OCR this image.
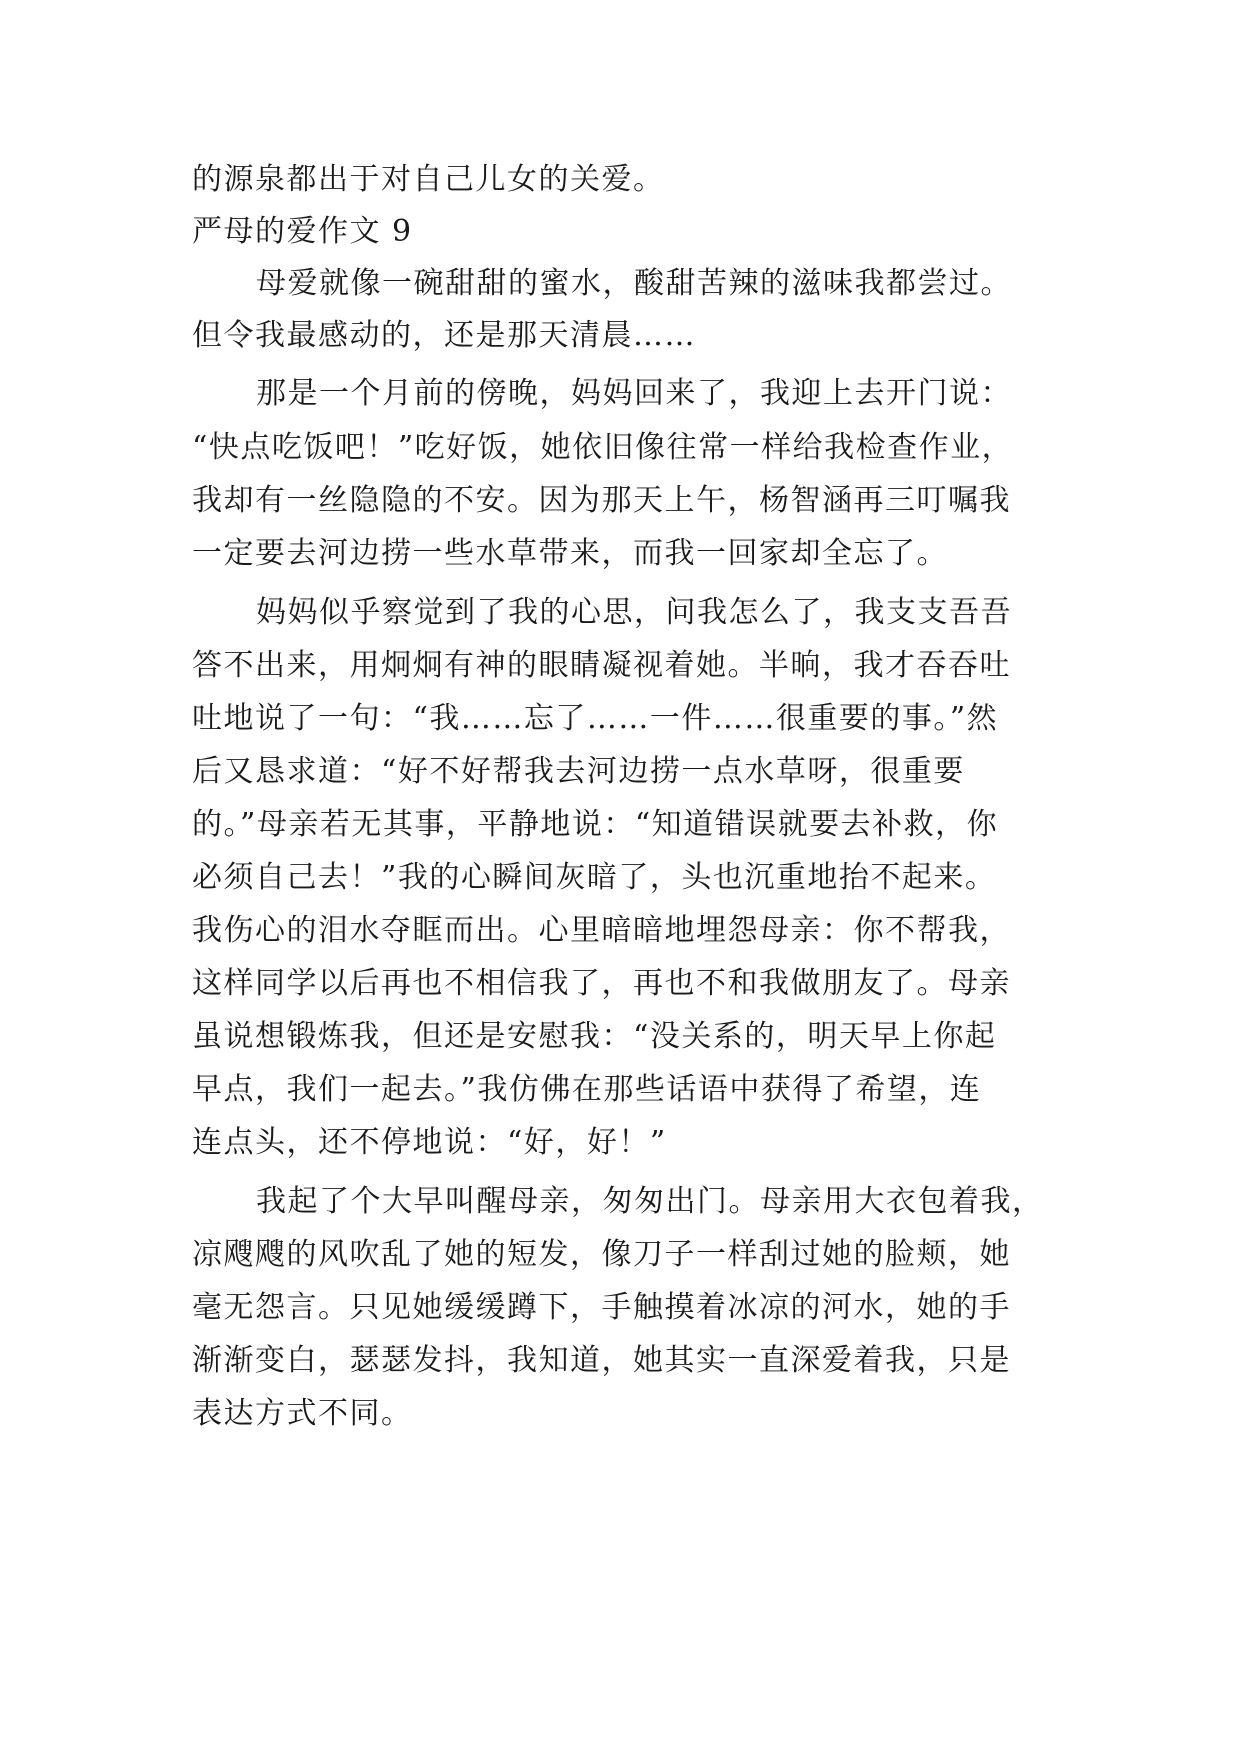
的源泉都出于对自己儿女的关爱。
严母的爱作文 9
母爱就像一碗甜甜的蜜水，酸甜苦辣的滋味我都尝过。
但令我最感动的，还是那天清晨……
那是一个月前的傍晚，妈妈回来了，我迎上去开门说：
“快点吃饭吧！”吃好饭，她依旧像往常一样给我检查作业，
我却有一丝隐隐的不安。因为那天上午，杨智涵再三叮嘱我
一定要去河边捞一些水草带来，而我一回家却全忘了。
妈妈似乎察觉到了我的心思，问我怎么了，我支支吾吾
答不出来，用炯炯有神的眼睛凝视着她。半晌，我才吞吞吐
吐地说了一句：“我……忘了……一件……很重要的事。”然
后又恳求道：“好不好帮我去河边捞一点水草呀，很重要
的。”母亲若无其事，平静地说：“知道错误就要去补救，你
必须自己去！”我的心瞬间灰暗了，头也沉重地抬不起来。
我伤心的泪水夺眶而出。心里暗暗地埋怨母亲：你不帮我，
这样同学以后再也不相信我了，再也不和我做朋友了。母亲
虽说想锻炼我，但还是安慰我：“没关系的，明天早上你起
早点，我们一起去。”我仿佛在那些话语中获得了希望，连
连点头，还不停地说：“好，好！”
我起了个大早叫醒母亲，匆匆出门。母亲用大衣包着我，
凉飕飕的风吹乱了她的短发，像刀子一样刮过她的脸颊，她
毫无怨言。只见她缓缓蹲下，手触摸着冰凉的河水，她的手
渐渐变白，瑟瑟发抖，我知道，她其实一直深爱着我，只是
表达方式不同。
